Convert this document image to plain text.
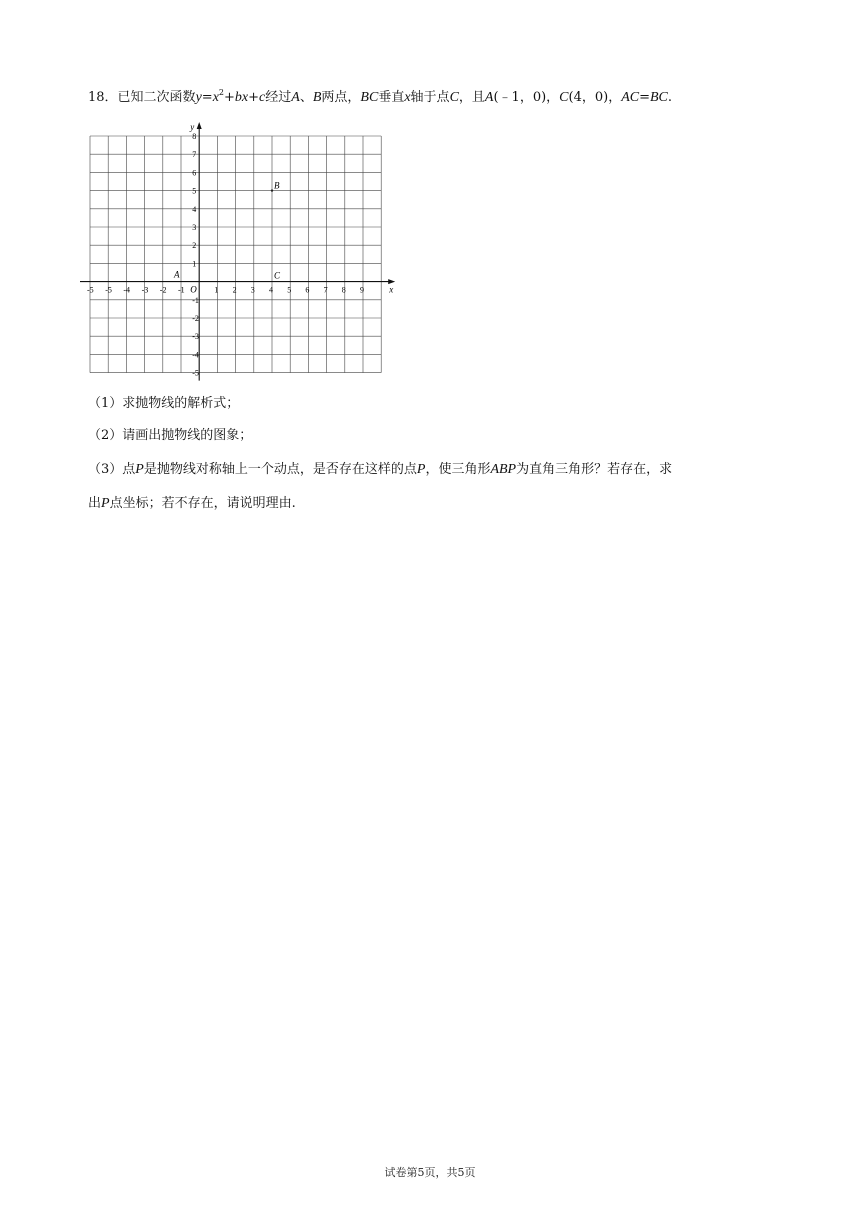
18．已知二次函数$y=x^2+bx+c$经过A、B两点，BC垂直x轴于点C，且A(﹣1，0)，C(4，0)，AC=BC.
-5 -5 -4 -3 -2 -1	1 2 3 4 5 6 7 8 9
8
7
6
5
4
3
2
1
-1
-2
-3
-4
-5
x
y
O
A
B
C
（1）求抛物线的解析式；
（2）请画出抛物线的图象；
（3）点P是抛物线对称轴上一个动点，是否存在这样的点P，使三角形ABP为直角三角形？若存在，求
出P点坐标；若不存在，请说明理由.
试卷第5页，共5页
